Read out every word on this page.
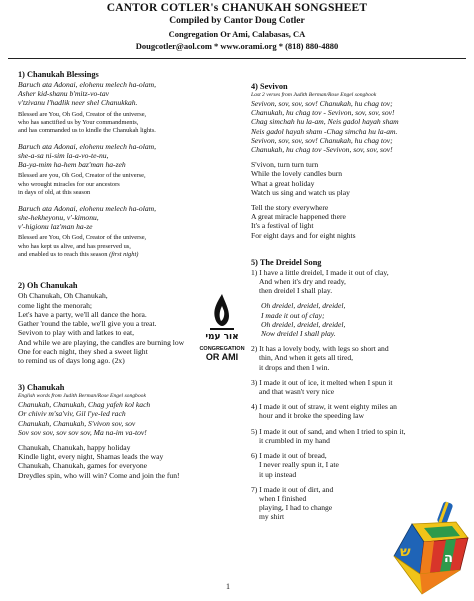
CANTOR COTLER's CHANUKAH SONGSHEET
Compiled by Cantor Doug Cotler
Congregation Or Ami, Calabasas, CA
Dougcotler@aol.com * www.orami.org * (818) 880-4880
1) Chanukah Blessings
Baruch ata Adonai, elohenu melech ha-olam,
Asher kid-shanu b'mitz-vo-tav
v'tzivanu l'hadlik neer shel Chanukkah.
Blessed are You, Oh God, Creator of the universe,
who has sanctified us by Your commandments,
and has commanded us to kindle the Chanukah lights.
Baruch ata Adonai, elohenu melech ha-olam,
she-a-sa ni-sim la-a-vo-te-nu,
Ba-ya-mim ha-hem baz'man ha-zeh
Blessed are you, Oh God, Creator of the universe,
who wrought miracles for our ancestors
in days of old, at this season
Baruch ata Adonai, elohenu melech ha-olam,
she-hekheyonu, v'-kimonu,
v'-higionu laz'man ha-ze
Blessed are You, Oh God, Creator of the universe,
who has kept us alive, and has preserved us,
and enabled us to reach this season (first night)
2) Oh Chanukah
Oh Chanukah, Oh Chanukah,
come light the menorah;
Let's have a party, we'll all dance the hora.
Gather 'round the table, we'll give you a treat.
Sevivon to play with and latkes to eat,
And while we are playing, the candles are burning low
One for each night, they shed a sweet light
to remind us of days long ago. (2x)
3) Chanukah
English words from Judith Berman/Rose Engel songbook
Chanukah, Chanukah, Chag yafeh kol kach
Or chiviv m'sa'viv, Gil l'ye-led rach
Chanukah, Chanukah, S'vivon sov, sov
Sov sov sov, sov sov sov, Ma na-im va-tov!
Chanukah, Chanukah, happy holiday
Kindle light, every night, Shamas leads the way
Chanukah, Chanukah, games for everyone
Dreydles spin, who will win? Come and join the fun!
אור עמי
CONGREGATION
OR AMI
4) Sevivon
Last 2 verses from Judith Berman/Rose Engel songbook
Sevivon, sov, sov, sov! Chanukah, hu chag tov;
Chanukah, hu chag tov - Sevivon, sov, sov, sov!
Chag simchah hu la-am, Neis gadol hayah sham
Neis gadol hayah sham -Chag simcha hu la-am.
Sevivon, sov, sov, sov! Chanukah, hu chag tov;
Chanukah, hu chag tov -Sevivon, sov, sov, sov!
S'vivon, turn turn turn
While the lovely candles burn
What a great holiday
Watch us sing and watch us play
Tell the story everywhere
A great miracle happened there
It's a festival of light
For eight days and for eight nights
5) The Dreidel Song
1) I have a little dreidel, I made it out of clay,
And when it's dry and ready,
then dreidel I shall play.
Oh dreidel, dreidel, dreidel,
I made it out of clay;
Oh dreidel, dreidel, dreidel,
Now dreidel I shall play.
2) It has a lovely body, with legs so short and
thin, And when it gets all tired,
it drops and then I win.
3) I made it out of ice, it melted when I spun it
and that wasn't very nice
4) I made it out of straw, it went eighty miles an
hour and it broke the speeding law
5) I made it out of sand, and when I tried to spin it,
it crumbled in my hand
6) I made it out of bread,
I never really spun it, I ate
it up instead
7) I made it out of dirt, and
when I finished
playing, I had to change
my shirt
ש	ה
1
